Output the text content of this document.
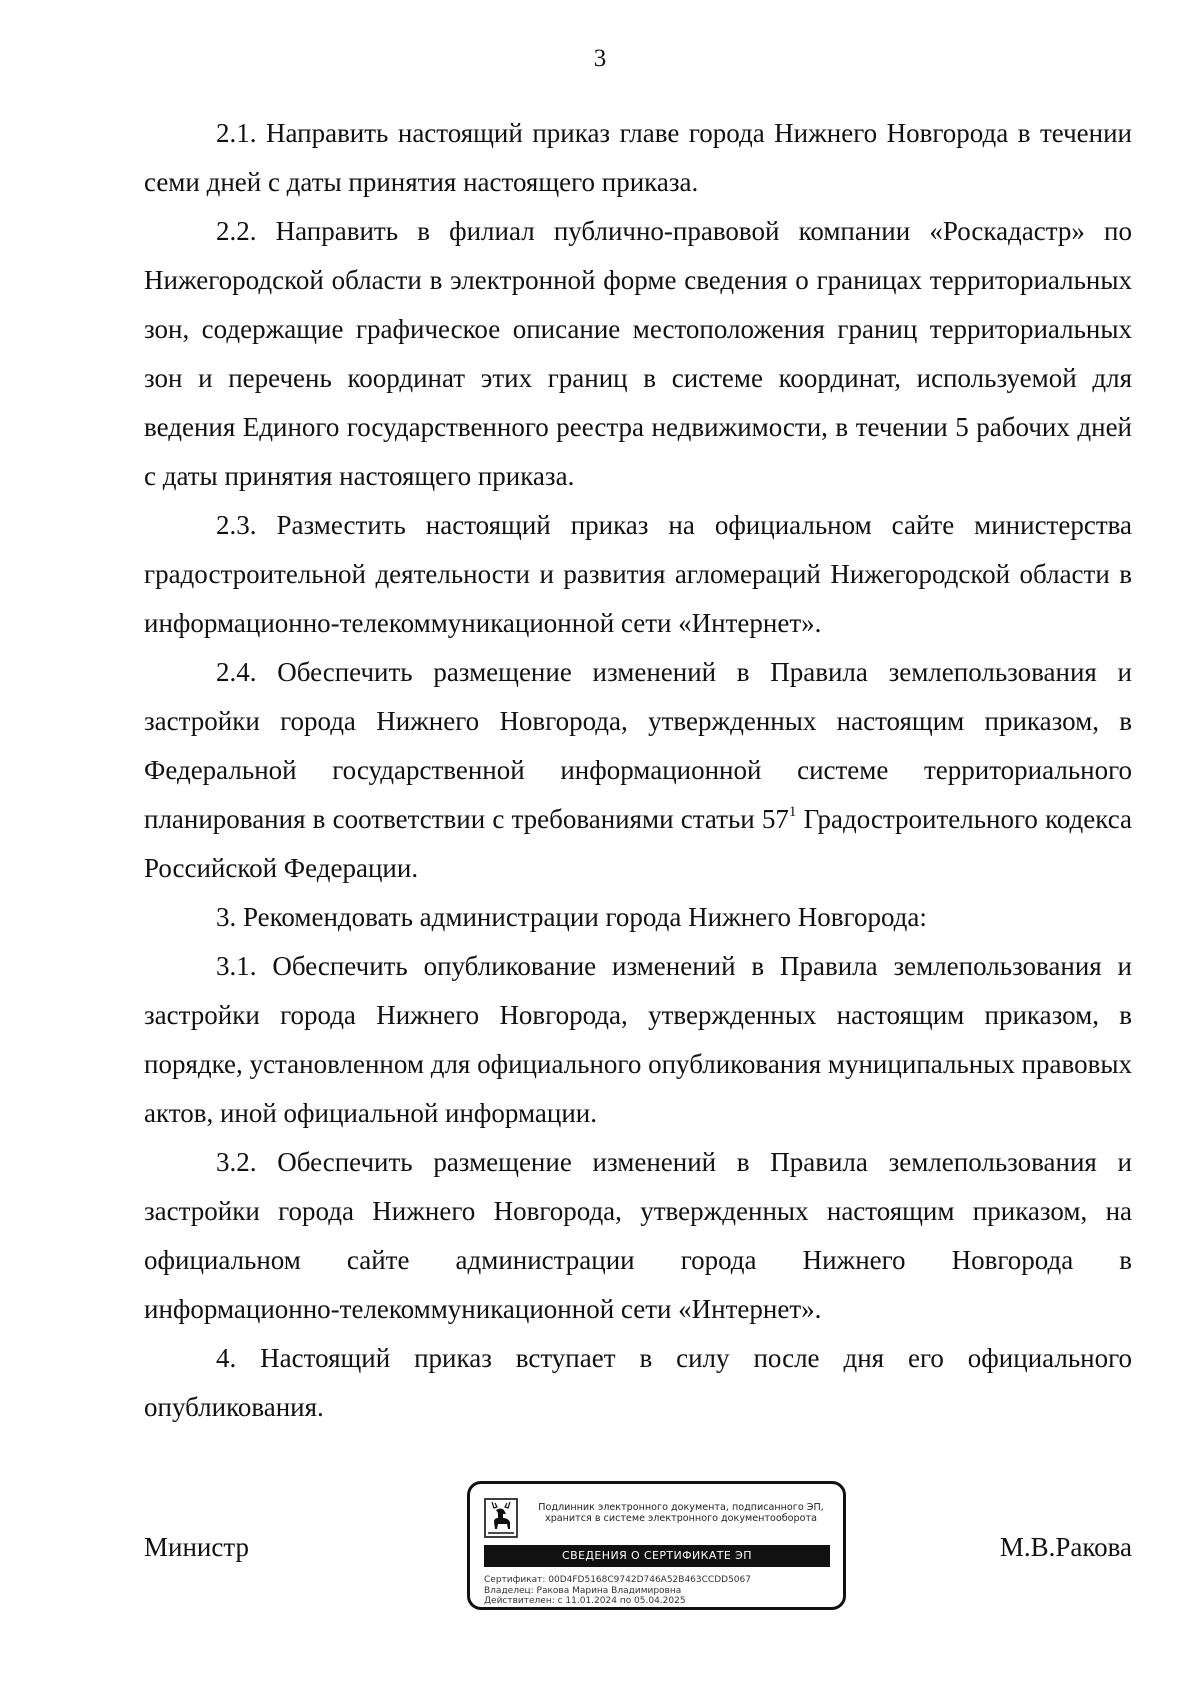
3

2.1. Направить настоящий приказ главе города Нижнего Новгорода в течении семи дней с даты принятия настоящего приказа.

2.2. Направить в филиал публично-правовой компании «Роскадастр» по Нижегородской области в электронной форме сведения о границах территориальных зон, содержащие графическое описание местоположения границ территориальных зон и перечень координат этих границ в системе координат, используемой для ведения Единого государственного реестра недвижимости, в течении 5 рабочих дней с даты принятия настоящего приказа.

2.3. Разместить настоящий приказ на официальном сайте министерства градостроительной деятельности и развития агломераций Нижегородской области в информационно-телекоммуникационной сети «Интернет».

2.4. Обеспечить размещение изменений в Правила землепользования и застройки города Нижнего Новгорода, утвержденных настоящим приказом, в Федеральной государственной информационной системе территориального планирования в соответствии с требованиями статьи 57$^1$ Градостроительного кодекса Российской Федерации.

3. Рекомендовать администрации города Нижнего Новгорода:

3.1. Обеспечить опубликование изменений в Правила землепользования и застройки города Нижнего Новгорода, утвержденных настоящим приказом, в порядке, установленном для официального опубликования муниципальных правовых актов, иной официальной информации.

3.2. Обеспечить размещение изменений в Правила землепользования и застройки города Нижнего Новгорода, утвержденных настоящим приказом, на официальном сайте администрации города Нижнего Новгорода в

информационно-телекоммуникационной сети «Интернет».

4. Настоящий приказ вступает в силу после дня его официального опубликования.

Министр	М.В.Ракова
Подлинник электронного документа, подписанного ЭП,
хранится в системе электронного документооборота
СВЕДЕНИЯ О СЕРТИФИКАТЕ ЭП
Сертификат: 00D4FD5168C9742D746A52B463CCDD5067
Владелец: Ракова Марина Владимировна
Действителен: с 11.01.2024 по 05.04.2025
